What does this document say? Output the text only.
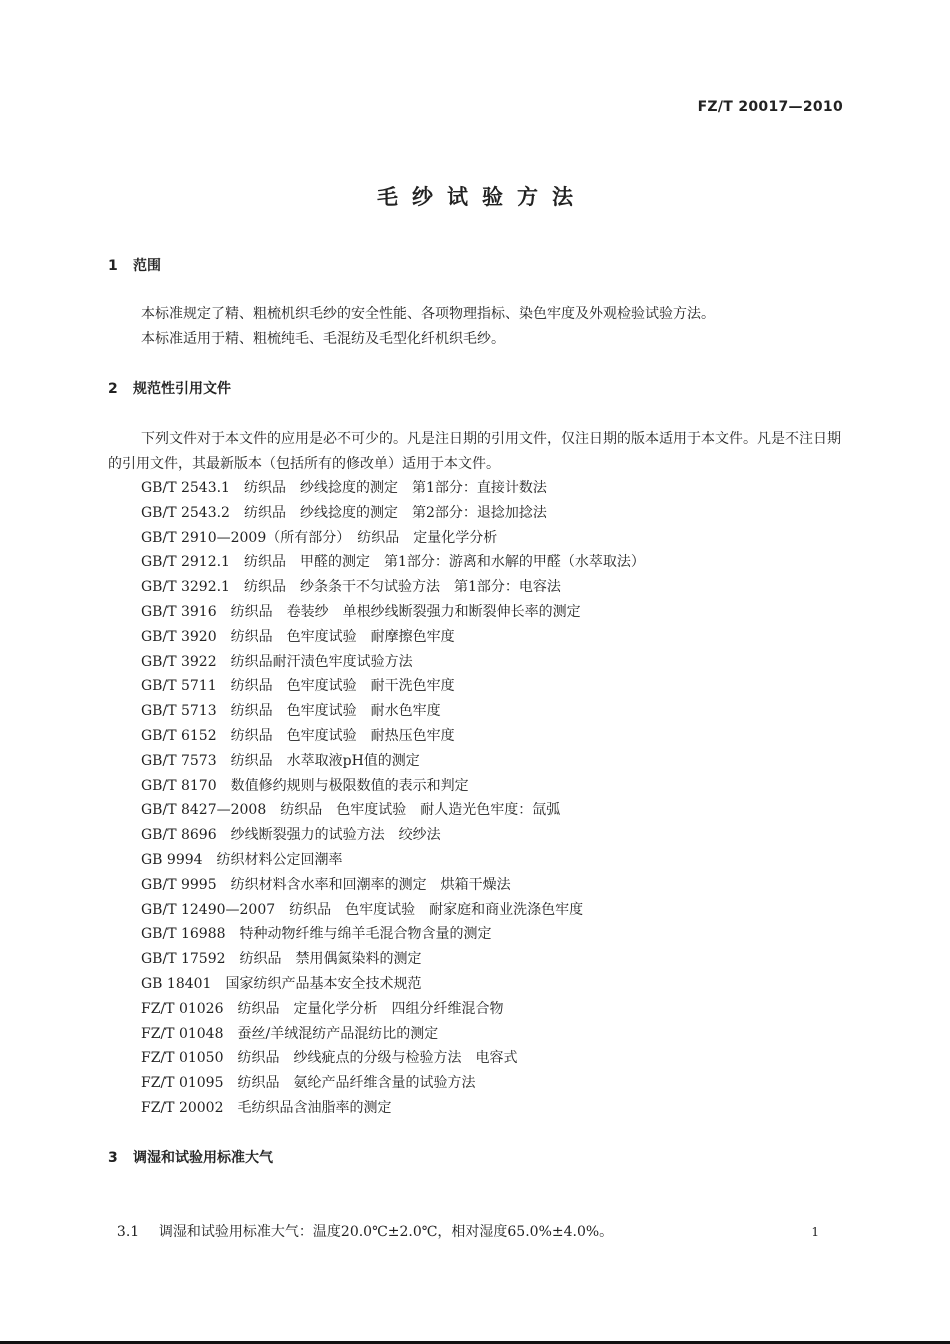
FZ/T 20017—2010
毛纱试验方法
1 范围
本标准规定了精、粗梳机织毛纱的安全性能、各项物理指标、染色牢度及外观检验试验方法。
本标准适用于精、粗梳纯毛、毛混纺及毛型化纤机织毛纱。
2 规范性引用文件
下列文件对于本文件的应用是必不可少的。凡是注日期的引用文件，仅注日期的版本适用于本文件。凡是不注日期的引用文件，其最新版本（包括所有的修改单）适用于本文件。
GB/T 2543.1　纺织品　纱线捻度的测定　第1部分：直接计数法
GB/T 2543.2　纺织品　纱线捻度的测定　第2部分：退捻加捻法
GB/T 2910—2009（所有部分）　纺织品　定量化学分析
GB/T 2912.1　纺织品　甲醛的测定　第1部分：游离和水解的甲醛（水萃取法）
GB/T 3292.1　纺织品　纱条条干不匀试验方法　第1部分：电容法
GB/T 3916　纺织品　卷装纱　单根纱线断裂强力和断裂伸长率的测定
GB/T 3920　纺织品　色牢度试验　耐摩擦色牢度
GB/T 3922　纺织品耐汗渍色牢度试验方法
GB/T 5711　纺织品　色牢度试验　耐干洗色牢度
GB/T 5713　纺织品　色牢度试验　耐水色牢度
GB/T 6152　纺织品　色牢度试验　耐热压色牢度
GB/T 7573　纺织品　水萃取液pH值的测定
GB/T 8170　数值修约规则与极限数值的表示和判定
GB/T 8427—2008　纺织品　色牢度试验　耐人造光色牢度：氙弧
GB/T 8696　纱线断裂强力的试验方法　绞纱法
GB 9994　纺织材料公定回潮率
GB/T 9995　纺织材料含水率和回潮率的测定　烘箱干燥法
GB/T 12490—2007　纺织品　色牢度试验　耐家庭和商业洗涤色牢度
GB/T 16988　特种动物纤维与绵羊毛混合物含量的测定
GB/T 17592　纺织品　禁用偶氮染料的测定
GB 18401　国家纺织产品基本安全技术规范
FZ/T 01026　纺织品　定量化学分析　四组分纤维混合物
FZ/T 01048　蚕丝/羊绒混纺产品混纺比的测定
FZ/T 01050　纺织品　纱线疵点的分级与检验方法　电容式
FZ/T 01095　纺织品　氨纶产品纤维含量的试验方法
FZ/T 20002　毛纺织品含油脂率的测定
3 调湿和试验用标准大气

3.1 调湿和试验用标准大气：温度20.0℃±2.0℃，相对湿度65.0%±4.0%。	1
